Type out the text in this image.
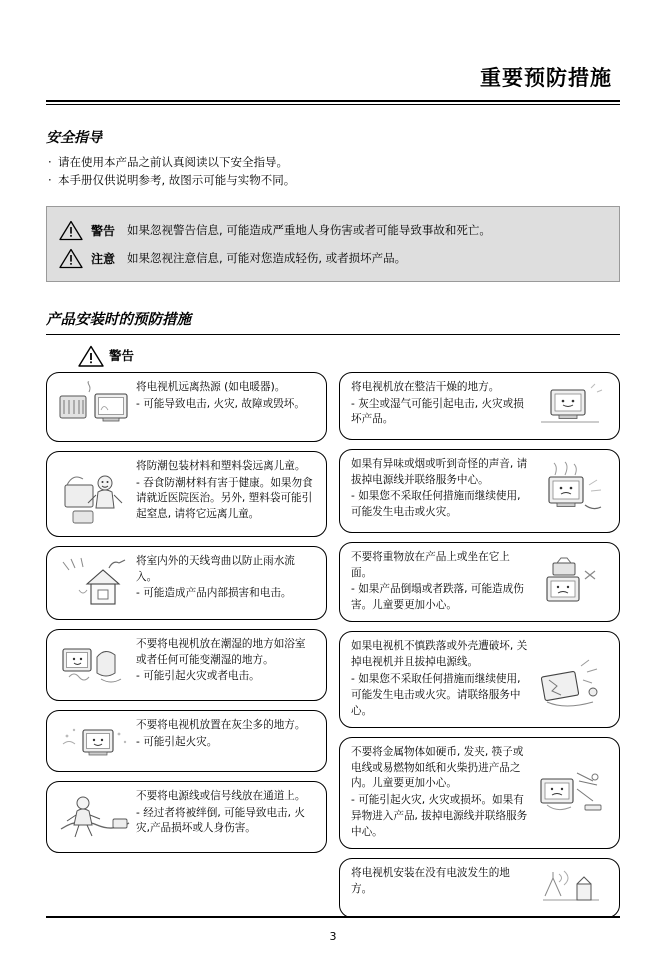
重要预防措施
安全指导
· 请在使用本产品之前认真阅读以下安全指导。
· 本手册仅供说明参考, 故图示可能与实物不同。
警告 如果忽视警告信息, 可能造成严重地人身伤害或者可能导致事故和死亡。
注意 如果忽视注意信息, 可能对您造成轻伤, 或者损坏产品。
产品安装时的预防措施
警告
将电视机远离热源 (如电暖器)。
- 可能导致电击, 火灾, 故障或毁坏。
将防潮包装材料和塑料袋远离儿童。
- 吞食防潮材料有害于健康。如果勿食请就近医院医治。另外, 塑料袋可能引起窒息, 请将它远离儿童。
将室内外的天线弯曲以防止雨水流入。
- 可能造成产品内部损害和电击。
不要将电视机放在潮湿的地方如浴室或者任何可能变潮湿的地方。
- 可能引起火灾或者电击。
不要将电视机放置在灰尘多的地方。
- 可能引起火灾。
不要将电源线或信号线放在通道上。
- 经过者将被绊倒, 可能导致电击, 火灾,产品损坏或人身伤害。
将电视机放在整洁干燥的地方。
- 灰尘或湿气可能引起电击, 火灾或损坏产品。
如果有异味或烟或听到奇怪的声音, 请拔掉电源线并联络服务中心。
- 如果您不采取任何措施而继续使用, 可能发生电击或火灾。
不要将重物放在产品上或坐在它上面。
- 如果产品倒塌或者跌落, 可能造成伤害。儿童要更加小心。
如果电视机不慎跌落或外壳遭破坏, 关掉电视机并且拔掉电源线。
- 如果您不采取任何措施而继续使用, 可能发生电击或火灾。请联络服务中心。
不要将金属物体如硬币, 发夹, 筷子或电线或易燃物如纸和火柴扔进产品之内。儿童要更加小心。
- 可能引起火灾, 火灾或损坏。如果有异物进入产品, 拔掉电源线并联络服务中心。
将电视机安装在没有电波发生的地方。
3
